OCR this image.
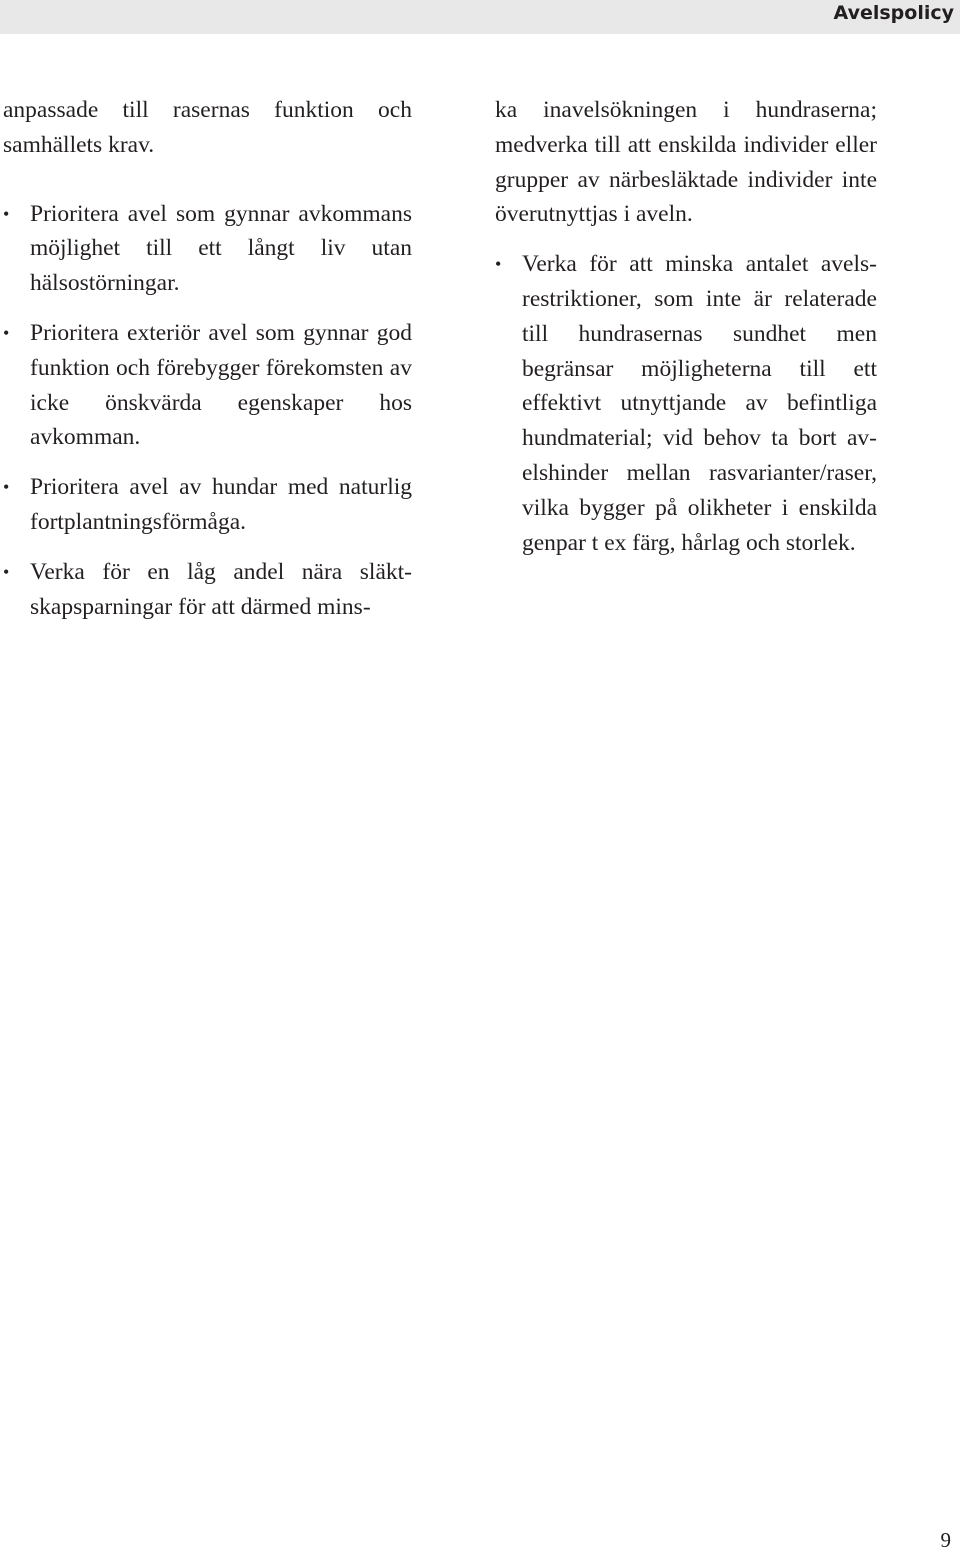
Avelspolicy

anpassade till rasernas funktion och samhällets krav.

• Prioritera avel som gynnar avkommans möjlighet till ett långt liv utan hälsostörningar.
• Prioritera exteriör avel som gynnar god funktion och förebygger förekomsten av icke önskvärda egenskaper hos avkomman.
• Prioritera avel av hundar med naturlig fortplantningsförmåga.
• Verka för en låg andel nära släktskapsparningar för att därmed mins-

ka inavelsökningen i hundraserna; medverka till att enskilda individer eller grupper av närbesläktade individer inte överutnyttjas i aveln.

• Verka för att minska antalet avelsrestriktioner, som inte är relaterade till hundrasernas sundhet men begränsar möjligheterna till ett effektivt utnyttjande av befintliga hundmaterial; vid behov ta bort avelshinder mellan rasvarianter/raser, vilka bygger på olikheter i enskilda genpar t ex färg, hårlag och storlek.
9
